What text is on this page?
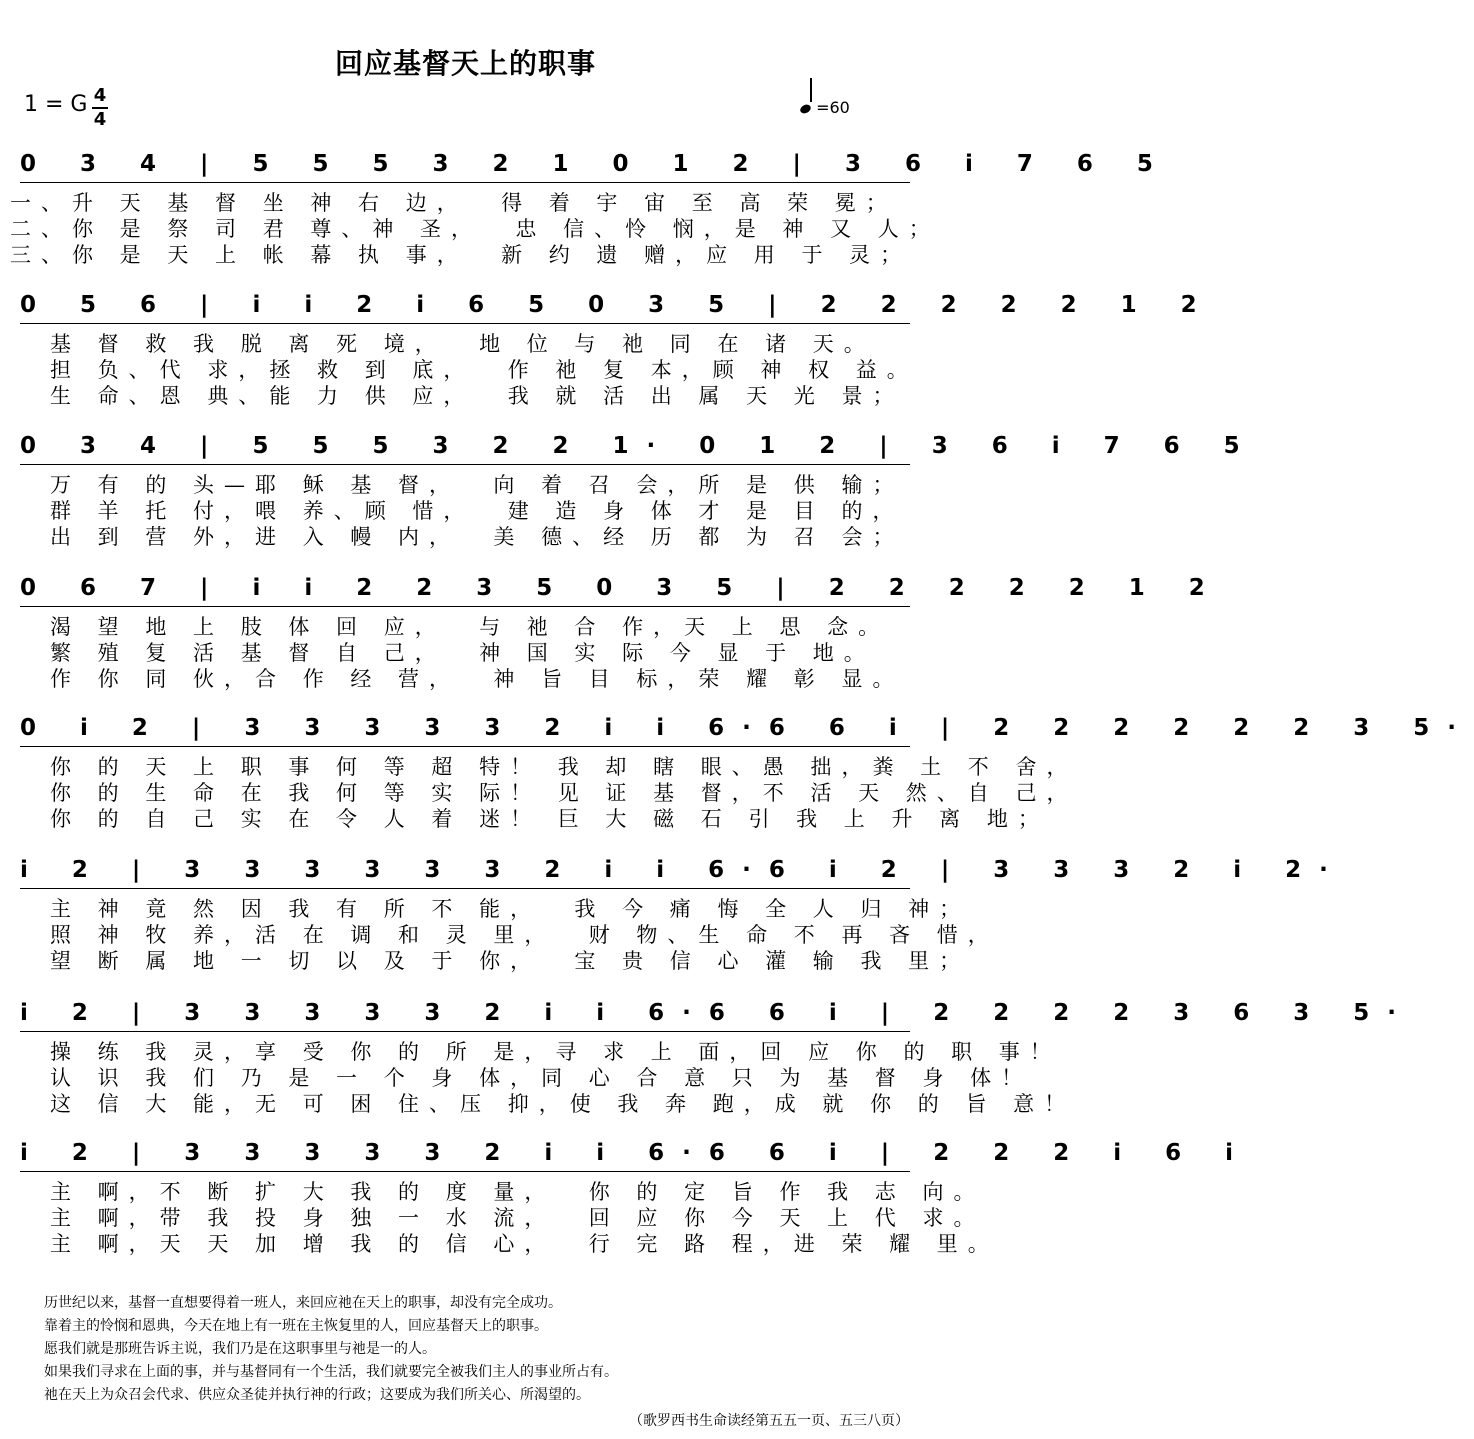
回应基督天上的职事
1 = G 4
4
=60
0 3 4 | 5 5 5 3 2 1 0 1 2 | 3 6 i 7 6 5
一、升 天 基 督 坐 神 右 边，  得 着 宇 宙 至 高 荣 冕；
二、你 是 祭 司 君 尊、神 圣，  忠 信、怜 悯，是 神 又 人；
三、你 是 天 上 帐 幕 执 事，  新 约 遗 赠，应 用 于 灵；
0 5 6 | i i 2 i 6 5 0 3 5 | 2 2 2 2 2 1 2
基 督 救 我 脱 离 死 境，  地 位 与 祂 同 在 诸 天。
担 负、代 求，拯 救 到 底，  作 祂 复 本，顾 神 权 益。
生 命、恩 典、能 力 供 应，  我 就 活 出 属 天 光 景；
0 3 4 | 5 5 5 3 2 2 1· 0 1 2 | 3 6 i 7 6 5
万 有 的 头—耶 稣 基 督，  向 着 召 会，所 是 供 输；
群 羊 托 付，喂 养、顾 惜，  建 造 身 体 才 是 目 的，
出 到 营 外，进 入 幔 内，  美 德、经 历 都 为 召 会；
0 6 7 | i i 2 2 3 5 0 3 5 | 2 2 2 2 2 1 2
渴 望 地 上 肢 体 回 应，  与 祂 合 作，天 上 思 念。
繁 殖 复 活 基 督 自 己，  神 国 实 际 今 显 于 地。
作 你 同 伙，合 作 经 营，  神 旨 目 标，荣 耀 彰 显。
0 i 2 | 3 3 3 3 3 2 i i 6·6 6 i | 2 2 2 2 2 2 3 5·
你 的 天 上 职 事 何 等 超 特！ 我 却 瞎 眼、愚 拙，粪 土 不 舍，
你 的 生 命 在 我 何 等 实 际！ 见 证 基 督，不 活 天 然、自 己，
你 的 自 己 实 在 令 人 着 迷！ 巨 大 磁 石 引 我 上 升 离 地；
i 2 | 3 3 3 3 3 3 2 i i 6·6 i 2 | 3 3 3 2 i 2·
主 神 竟 然 因 我 有 所 不 能，  我 今 痛 悔 全 人 归 神；
照 神 牧 养，活 在 调 和 灵 里，  财 物、生 命 不 再 吝 惜，
望 断 属 地 一 切 以 及 于 你，  宝 贵 信 心 灌 输 我 里；
i 2 | 3 3 3 3 3 2 i i 6·6 6 i | 2 2 2 2 3 6 3 5·
操 练 我 灵，享 受 你 的 所 是，寻 求 上 面，回 应 你 的 职 事！
认 识 我 们 乃 是 一 个 身 体，同 心 合 意 只 为 基 督 身 体！
这 信 大 能，无 可 困 住、压 抑，使 我 奔 跑，成 就 你 的 旨 意！
i 2 | 3 3 3 3 3 2 i i 6·6 6 i | 2 2 2 i 6 i
主 啊，不 断 扩 大 我 的 度 量，  你 的 定 旨 作 我 志 向。
主 啊，带 我 投 身 独 一 水 流，  回 应 你 今 天 上 代 求。
主 啊，天 天 加 增 我 的 信 心，  行 完 路 程，进 荣 耀 里。
历世纪以来，基督一直想要得着一班人，来回应祂在天上的职事，却没有完全成功。
靠着主的怜悯和恩典，今天在地上有一班在主恢复里的人，回应基督天上的职事。
愿我们就是那班告诉主说，我们乃是在这职事里与祂是一的人。
如果我们寻求在上面的事，并与基督同有一个生活，我们就要完全被我们主人的事业所占有。
祂在天上为众召会代求、供应众圣徒并执行神的行政；这要成为我们所关心、所渴望的。
（歌罗西书生命读经第五五一页、五三八页）
